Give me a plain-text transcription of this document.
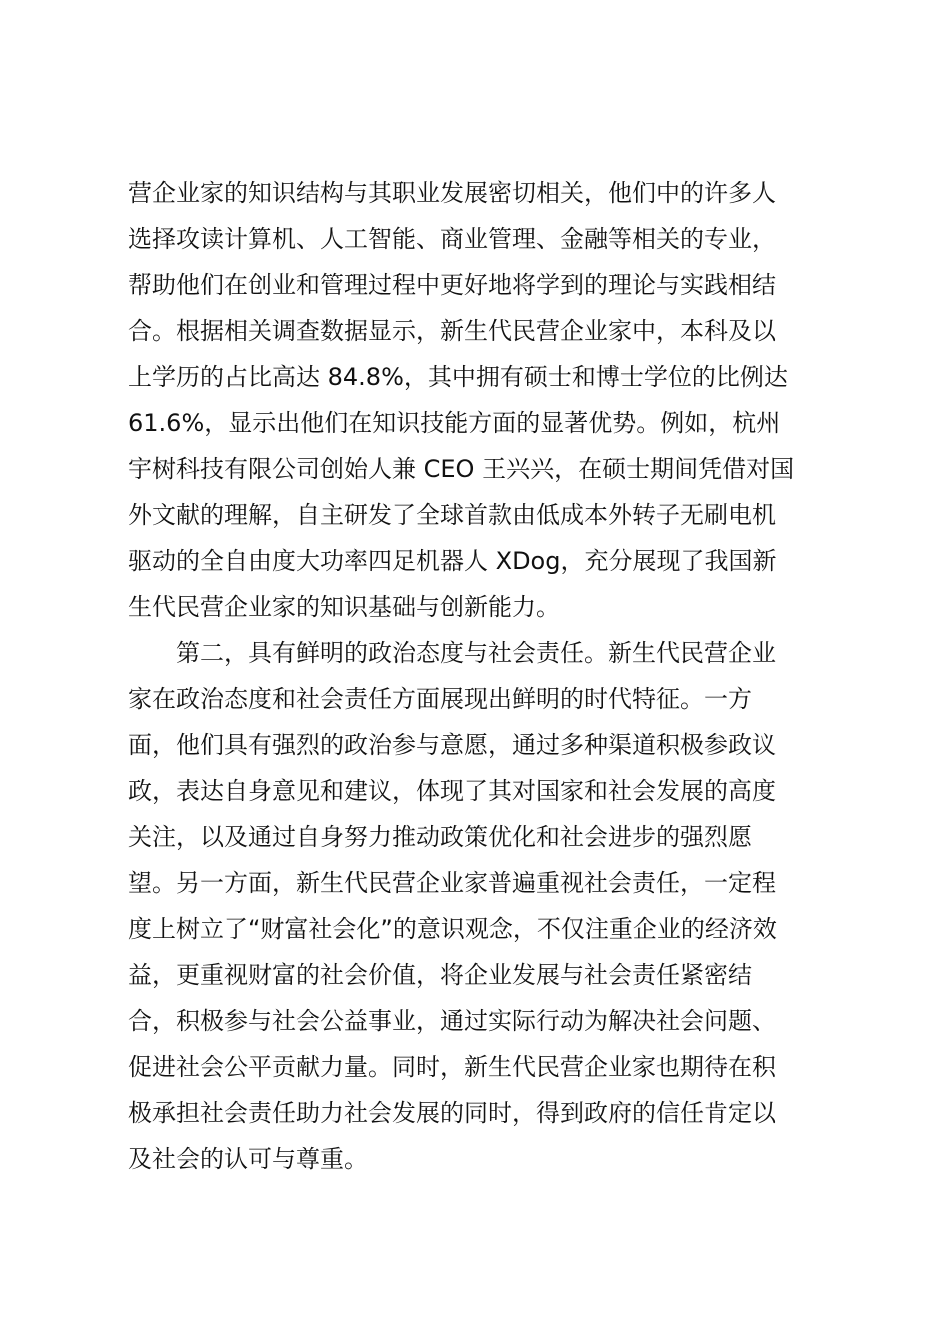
营企业家的知识结构与其职业发展密切相关，他们中的许多人
选择攻读计算机、人工智能、商业管理、金融等相关的专业，
帮助他们在创业和管理过程中更好地将学到的理论与实践相结
合。根据相关调查数据显示，新生代民营企业家中，本科及以
上学历的占比高达 84.8%，其中拥有硕士和博士学位的比例达
61.6%，显示出他们在知识技能方面的显著优势。例如，杭州
宇树科技有限公司创始人兼 CEO 王兴兴，在硕士期间凭借对国
外文献的理解，自主研发了全球首款由低成本外转子无刷电机
驱动的全自由度大功率四足机器人 XDog，充分展现了我国新
生代民营企业家的知识基础与创新能力。
第二，具有鲜明的政治态度与社会责任。新生代民营企业
家在政治态度和社会责任方面展现出鲜明的时代特征。一方
面，他们具有强烈的政治参与意愿，通过多种渠道积极参政议
政，表达自身意见和建议，体现了其对国家和社会发展的高度
关注，以及通过自身努力推动政策优化和社会进步的强烈愿
望。另一方面，新生代民营企业家普遍重视社会责任，一定程
度上树立了“财富社会化”的意识观念，不仅注重企业的经济效
益，更重视财富的社会价值，将企业发展与社会责任紧密结
合，积极参与社会公益事业，通过实际行动为解决社会问题、
促进社会公平贡献力量。同时，新生代民营企业家也期待在积
极承担社会责任助力社会发展的同时，得到政府的信任肯定以
及社会的认可与尊重。
